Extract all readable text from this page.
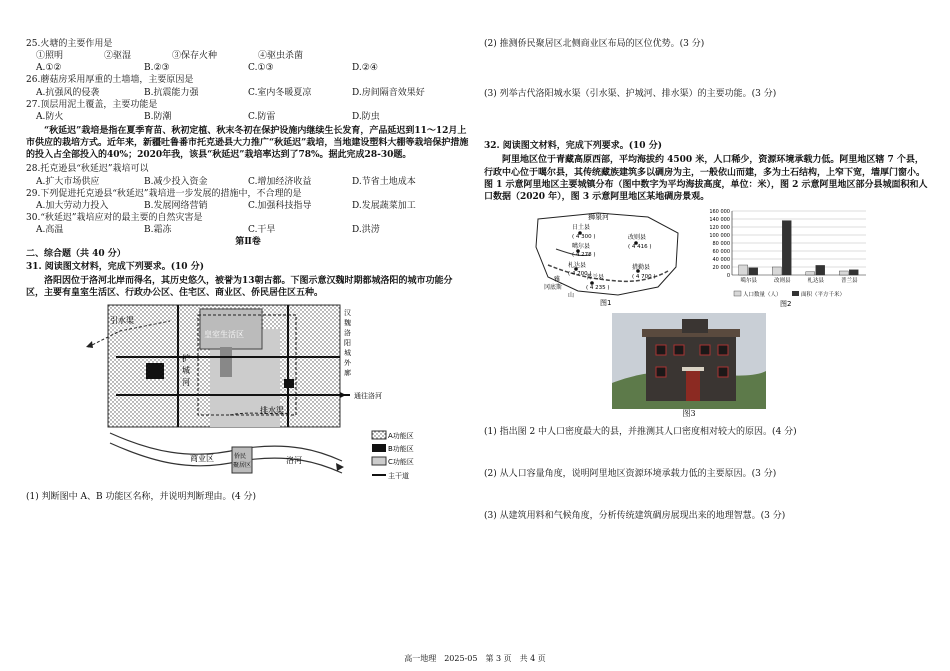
25.火塘的主要作用是
①照明	②驱湿	③保存火种	④驱虫杀菌
A.①②	B.②③	C.①③	D.②④
26.蘑菇房采用厚重的土墙墙，主要原因是
A.抗强风的侵袭	B.抗震能力强	C.室内冬暖夏凉	D.房间隔音效果好
27.顶层用泥土覆盖，主要功能是
A.防火	B.防潮	C.防雷	D.防虫
“秋延迟”栽培是指在夏季育苗、秋初定植、秋末冬初在保护设施内继续生长发育，产品延迟到11～12月上市供应的栽培方式。近年来，新疆吐鲁番市托克逊县大力推广“秋延迟”栽培，当地建设塑料大棚等栽培保护措施的投入占全部投入的40%；2020年我，该县“秋延迟”栽培率达到了78%。据此完成28-30题。
28.托克逊县“秋延迟”栽培可以
A.扩大市场供应	B.减少投入资金	C.增加经济收益	D.节省土地成本
29.下列促进托克逊县“秋延迟”栽培进一步发展的措施中，不合理的是
A.加大劳动力投入	B.发展网络营销	C.加强科技指导	D.发展蔬菜加工
30.“秋延迟”栽培应对的最主要的自然灾害是
A.高温	B.霜冻	C.干旱	D.洪涝
第Ⅱ卷
二、综合题（共 40 分）
31. 阅读图文材料，完成下列要求。(10 分)
洛阳因位于洛河北岸而得名，其历史悠久，被誉为13朝古都。下图示意汉魏时期都城洛阳的城市功能分区，主要有皇室生活区、行政办公区、住宅区、商业区、侨民居住区五种。
皇室生活区
引水渠
护
城
河
汉
魏
洛
阳
城
外
廓
通往洛河
排水渠
洛河
侨民
聚居区
商业区
A功能区
B功能区
C功能区
主干道
(1) 判断图中 A、B 功能区名称，并说明判断理由。(4 分)
(2) 推测侨民聚居区北侧商业区布局的区位优势。(3 分)
(3) 列举古代洛阳城水渠（引水渠、护城河、排水渠）的主要功能。(3 分)
32. 阅读图文材料，完成下列要求。(10 分)
阿里地区位于青藏高原西部，平均海拔约 4500 米，人口稀少，资源环境承载力低。阿里地区辖 7 个县，行政中心位于噶尔县，其传统藏族建筑多以碉房为主，一般依山而建，多为土石结构，上窄下宽，墙厚门窗小。图 1 示意阿里地区主要城镇分布（图中数字为平均海拔高度，单位：米），图 2 示意阿里地区部分县城面积和人口数据（2020 年），图 3 示意阿里地区某地碉房景观。
狮泉河
日土县
( 4 300 )
噶尔县
( 4 278 )
改则县
( 4 416 )
札达县
( 4 700 )
普兰县
( 4 235 )
措勤县
( 4 700 )
冈底斯
雅
山
图1
0
20 000
40 000
60 000
80 000
100 000
120 000
140 000
160 000
噶尔县	改则县	札达县	普兰县
人口数量（人）	面积（平方千米）
图2
图3
(1) 指出图 2 中人口密度最大的县，并推测其人口密度相对较大的原因。(4 分)
(2) 从人口容量角度，说明阿里地区资源环境承载力低的主要原因。(3 分)
(3) 从建筑用料和气候角度，分析传统建筑碉房展现出来的地理智慧。(3 分)
高一地理　2025-05　第 3 页　共 4 页
